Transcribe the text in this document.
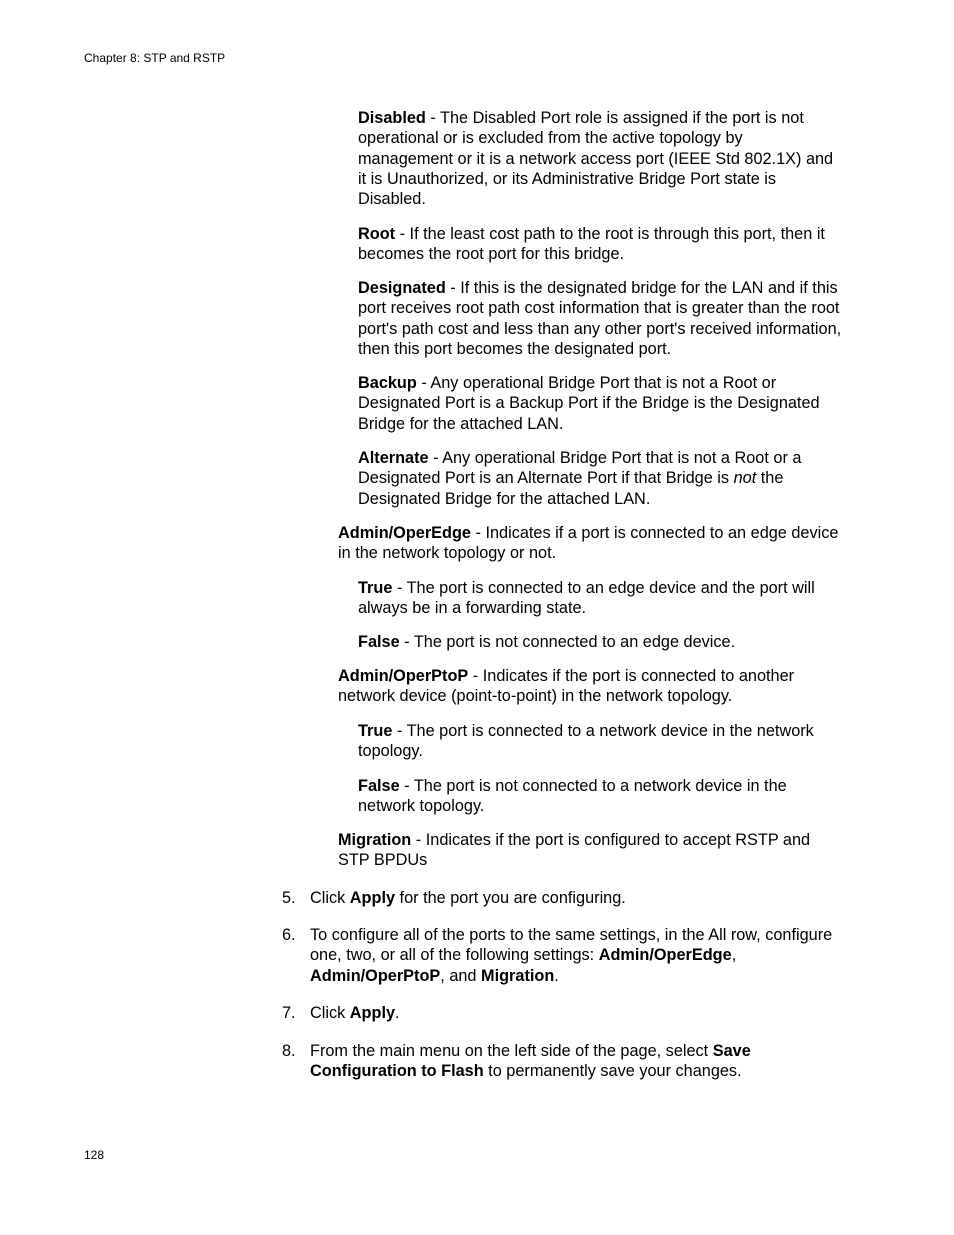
Chapter 8: STP and RSTP
Disabled - The Disabled Port role is assigned if the port is not operational or is excluded from the active topology by management or it is a network access port (IEEE Std 802.1X) and it is Unauthorized, or its Administrative Bridge Port state is Disabled.
Root - If the least cost path to the root is through this port, then it becomes the root port for this bridge.
Designated - If this is the designated bridge for the LAN and if this port receives root path cost information that is greater than the root port's path cost and less than any other port's received information, then this port becomes the designated port.
Backup - Any operational Bridge Port that is not a Root or Designated Port is a Backup Port if the Bridge is the Designated Bridge for the attached LAN.
Alternate - Any operational Bridge Port that is not a Root or a Designated Port is an Alternate Port if that Bridge is not the Designated Bridge for the attached LAN.
Admin/OperEdge - Indicates if a port is connected to an edge device in the network topology or not.
True - The port is connected to an edge device and the port will always be in a forwarding state.
False - The port is not connected to an edge device.
Admin/OperPtoP - Indicates if the port is connected to another network device (point-to-point) in the network topology.
True - The port is connected to a network device in the network topology.
False - The port is not connected to a network device in the network topology.
Migration - Indicates if the port is configured to accept RSTP and STP BPDUs
5. Click Apply for the port you are configuring.
6. To configure all of the ports to the same settings, in the All row, configure one, two, or all of the following settings: Admin/OperEdge, Admin/OperPtoP, and Migration.
7. Click Apply.
8. From the main menu on the left side of the page, select Save Configuration to Flash to permanently save your changes.
128
